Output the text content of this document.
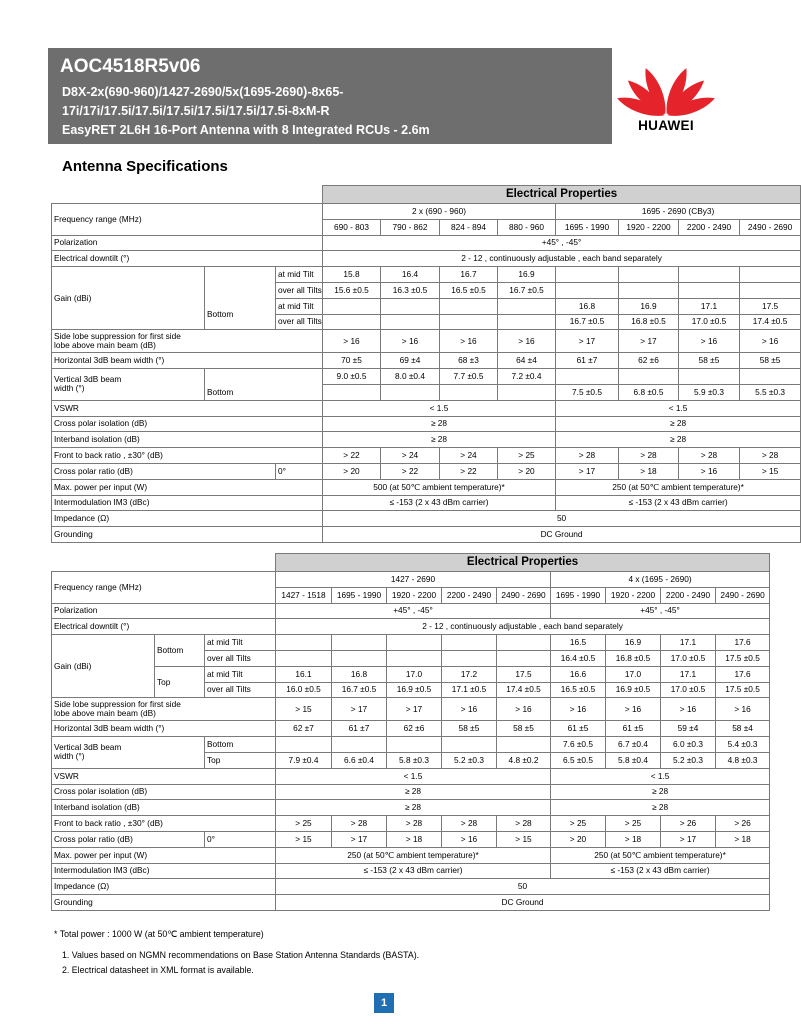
AOC4518R5v06
D8X-2x(690-960)/1427-2690/5x(1695-2690)-8x65-
17i/17i/17.5i/17.5i/17.5i/17.5i/17.5i/17.5i-8xM-R
EasyRET 2L6H 16-Port Antenna with 8 Integrated RCUs - 2.6m	HUAWEI
Antenna Specifications
			Electrical Properties							
Frequency range (MHz)			2 x (690 - 960)				1695 - 2690 (CBy3)			
			690 - 803	790 - 862	824 - 894	880 - 960	1695 - 1990	1920 - 2200	2200 - 2490	2490 - 2690
Polarization			+45° , -45°							
Electrical downtilt (°)			2 - 12 , continuously adjustable , each band separately							
Gain (dBi)		at mid Tilt	15.8	16.4	16.7	16.9				
		over all Tilts	15.6 ±0.5	16.3 ±0.5	16.5 ±0.5	16.7 ±0.5				
	Bottom	at mid Tilt					16.8	16.9	17.1	17.5
		over all Tilts					16.7 ±0.5	16.8 ±0.5	17.0 ±0.5	17.4 ±0.5
Side lobe suppression for first side
lobe above main beam (dB)			> 16	> 16	> 16	> 16	> 17	> 17	> 16	> 16
Horizontal 3dB beam width (°)			70 ±5	69 ±4	68 ±3	64 ±4	61 ±7	62 ±6	58 ±5	58 ±5
Vertical 3dB beam
width (°)			9.0 ±0.5	8.0 ±0.4	7.7 ±0.5	7.2 ±0.4				
	Bottom						7.5 ±0.5	6.8 ±0.5	5.9 ±0.3	5.5 ±0.3
VSWR			< 1.5				< 1.5			
Cross polar isolation (dB)			≥ 28				≥ 28			
Interband isolation (dB)			≥ 28				≥ 28			
Front to back ratio , ±30° (dB)			> 22	> 24	> 24	> 25	> 28	> 28	> 28	> 28
Cross polar ratio (dB)		0°	> 20	> 22	> 22	> 20	> 17	> 18	> 16	> 15
Max. power per input (W)			500 (at 50℃ ambient temperature)*				250 (at 50℃ ambient temperature)*			
Intermodulation IM3 (dBc)			≤ -153 (2 x 43 dBm carrier)				≤ -153 (2 x 43 dBm carrier)			
Impedance (Ω)			50							
Grounding			DC Ground							
			Electrical Properties								
Frequency range (MHz)			1427 - 2690					4 x (1695 - 2690)			
			1427 - 1518	1695 - 1990	1920 - 2200	2200 - 2490	2490 - 2690	1695 - 1990	1920 - 2200	2200 - 2490	2490 - 2690
Polarization			+45° , -45°					+45° , -45°			
Electrical downtilt (°)			2 - 12 , continuously adjustable , each band separately								
Gain (dBi)	Bottom	at mid Tilt						16.5	16.9	17.1	17.6
		over all Tilts						16.4 ±0.5	16.8 ±0.5	17.0 ±0.5	17.5 ±0.5
	Top	at mid Tilt	16.1	16.8	17.0	17.2	17.5	16.6	17.0	17.1	17.6
		over all Tilts	16.0 ±0.5	16.7 ±0.5	16.9 ±0.5	17.1 ±0.5	17.4 ±0.5	16.5 ±0.5	16.9 ±0.5	17.0 ±0.5	17.5 ±0.5
Side lobe suppression for first side
lobe above main beam (dB)			> 15	> 17	> 17	> 16	> 16	> 16	> 16	> 16	> 16
Horizontal 3dB beam width (°)			62 ±7	61 ±7	62 ±6	58 ±5	58 ±5	61 ±5	61 ±5	59 ±4	58 ±4
Vertical 3dB beam
width (°)		Bottom						7.6 ±0.5	6.7 ±0.4	6.0 ±0.3	5.4 ±0.3
		Top	7.9 ±0.4	6.6 ±0.4	5.8 ±0.3	5.2 ±0.3	4.8 ±0.2	6.5 ±0.5	5.8 ±0.4	5.2 ±0.3	4.8 ±0.3
VSWR			< 1.5					< 1.5			
Cross polar isolation (dB)			≥ 28					≥ 28			
Interband isolation (dB)			≥ 28					≥ 28			
Front to back ratio , ±30° (dB)			> 25	> 28	> 28	> 28	> 28	> 25	> 25	> 26	> 26
Cross polar ratio (dB)		0°	> 15	> 17	> 18	> 16	> 15	> 20	> 18	> 17	> 18
Max. power per input (W)			250 (at 50℃ ambient temperature)*					250 (at 50℃ ambient temperature)*			
Intermodulation IM3 (dBc)			≤ -153 (2 x 43 dBm carrier)					≤ -153 (2 x 43 dBm carrier)			
Impedance (Ω)			50								
Grounding			DC Ground								
* Total power : 1000 W (at 50℃ ambient temperature)
1. Values based on NGMN recommendations on Base Station Antenna Standards (BASTA).
2. Electrical datasheet in XML format is available.
1
